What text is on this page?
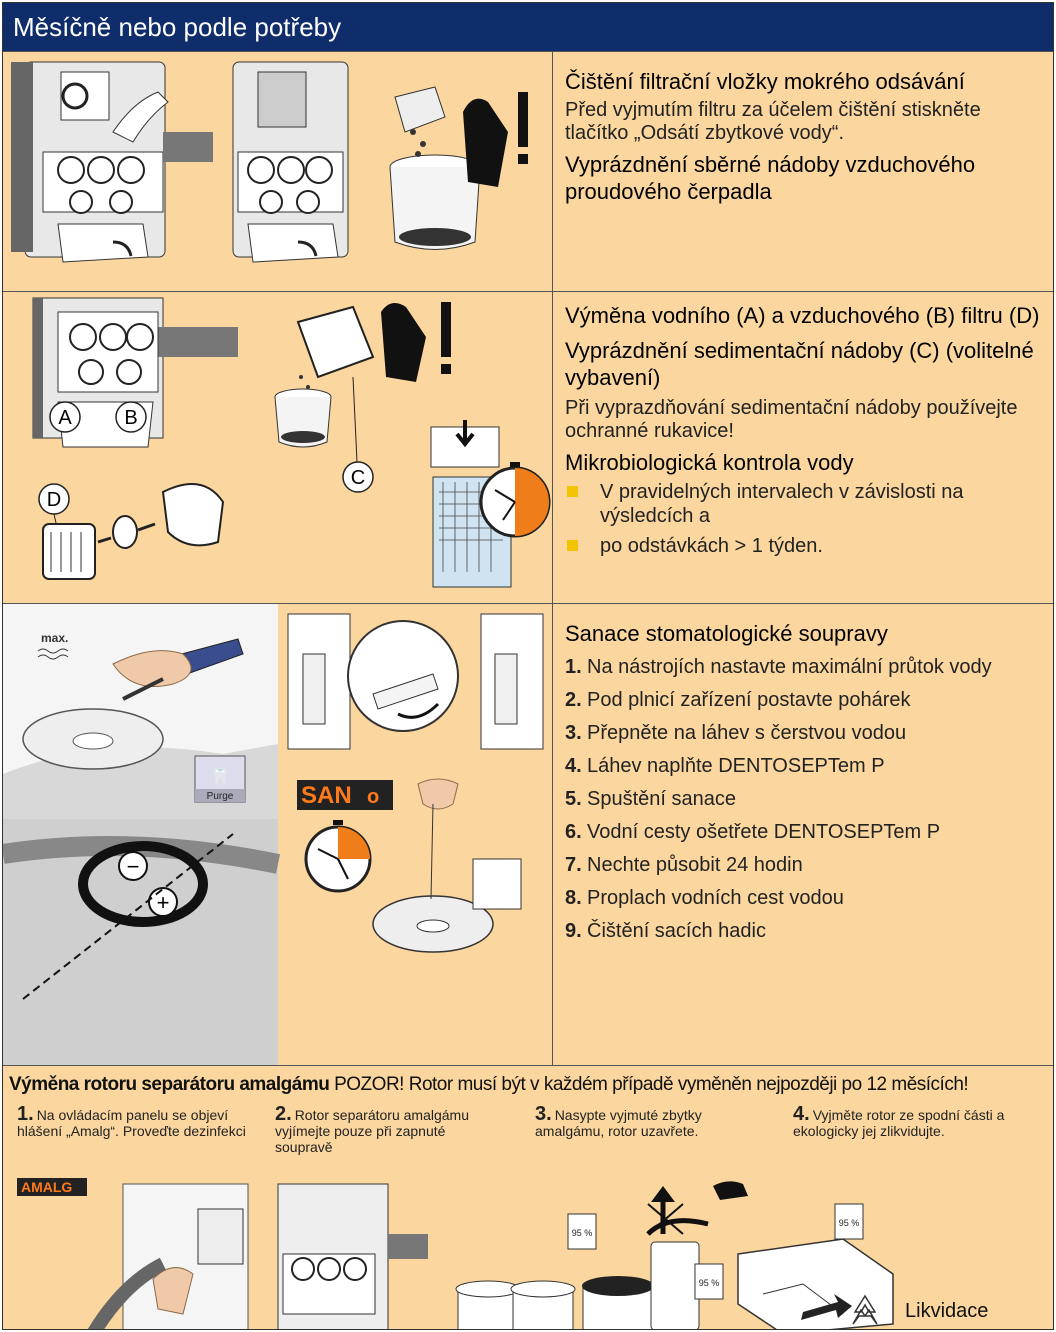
Měsíčně nebo podle potřeby
Čištění filtrační vložky mokrého odsávání
Před vyjmutím filtru za účelem čištění stiskněte tlačítko „Odsátí zbytkové vody“.
Vyprázdnění sběrné nádoby vzduchového proudového čerpadla
A	B
D
C
Výměna vodního (A) a vzduchového (B) filtru (D)
Vyprázdnění sedimentační nádoby (C) (volitelné vybavení)
Při vyprazdňování sedimentační nádoby používejte ochranné rukavice!
Mikrobiologická kontrola vody
V pravidelných intervalech v závislosti na výsledcích a
po odstávkách > 1 týden.
max.
Purge
🦷
−
+
SAN o
Sanace stomatologické soupravy
1. Na nástrojích nastavte maximální průtok vody
2. Pod plnicí zařízení postavte pohárek
3. Přepněte na láhev s čerstvou vodou
4. Láhev naplňte DENTOSEPTem P
5. Spuštění sanace
6. Vodní cesty ošetřete DENTOSEPTem P
7. Nechte působit 24 hodin
8. Proplach vodních cest vodou
9. Čištění sacích hadic
Výměna rotoru separátoru amalgámu POZOR! Rotor musí být v každém případě vyměněn nejpozději po 12 měsících!
1. Na ovládacím panelu se objeví hlášení „Amalg“. Proveďte dezinfekci
2. Rotor separátoru amalgámu vyjímejte pouze při zapnuté soupravě
3. Nasypte vyjmuté zbytky amalgámu, rotor uzavřete.
4. Vyjměte rotor ze spodní části a ekologicky jej zlikvidujte.
AMALG
95 %
95 %
95 %
Likvidace
